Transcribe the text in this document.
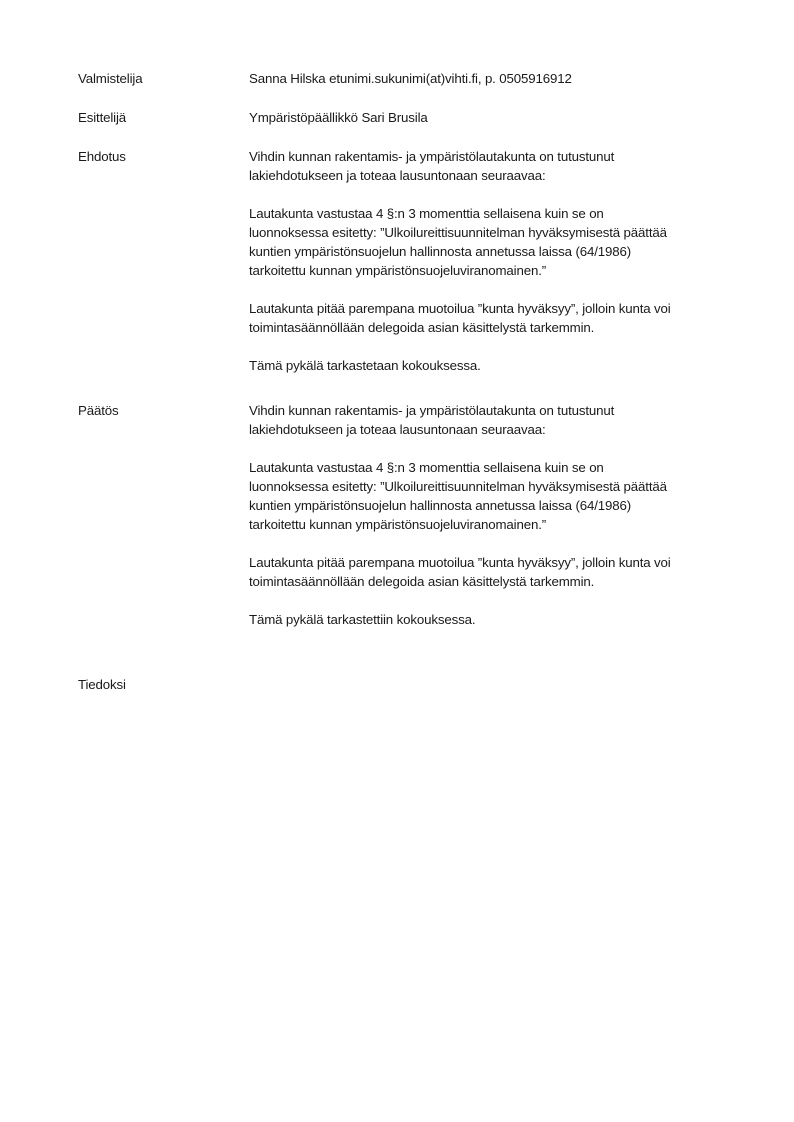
Valmistelija	Sanna Hilska etunimi.sukunimi(at)vihti.fi, p. 0505916912
Esittelijä	Ympäristöpäällikkö Sari Brusila
Ehdotus	Vihdin kunnan rakentamis- ja ympäristölautakunta on tutustunut
lakiehdotukseen ja toteaa lausuntonaan seuraavaa:
Lautakunta vastustaa 4 §:n 3 momenttia sellaisena kuin se on
luonnoksessa esitetty: ”Ulkoilureittisuunnitelman hyväksymisestä päättää
kuntien ympäristönsuojelun hallinnosta annetussa laissa (64/1986)
tarkoitettu kunnan ympäristönsuojeluviranomainen.”
Lautakunta pitää parempana muotoilua ”kunta hyväksyy”, jolloin kunta voi
toimintasäännöllään delegoida asian käsittelystä tarkemmin.
Tämä pykälä tarkastetaan kokouksessa.
Päätös	Vihdin kunnan rakentamis- ja ympäristölautakunta on tutustunut
lakiehdotukseen ja toteaa lausuntonaan seuraavaa:
Lautakunta vastustaa 4 §:n 3 momenttia sellaisena kuin se on
luonnoksessa esitetty: ”Ulkoilureittisuunnitelman hyväksymisestä päättää
kuntien ympäristönsuojelun hallinnosta annetussa laissa (64/1986)
tarkoitettu kunnan ympäristönsuojeluviranomainen.”
Lautakunta pitää parempana muotoilua ”kunta hyväksyy”, jolloin kunta voi
toimintasäännöllään delegoida asian käsittelystä tarkemmin.
Tämä pykälä tarkastettiin kokouksessa.
Tiedoksi
